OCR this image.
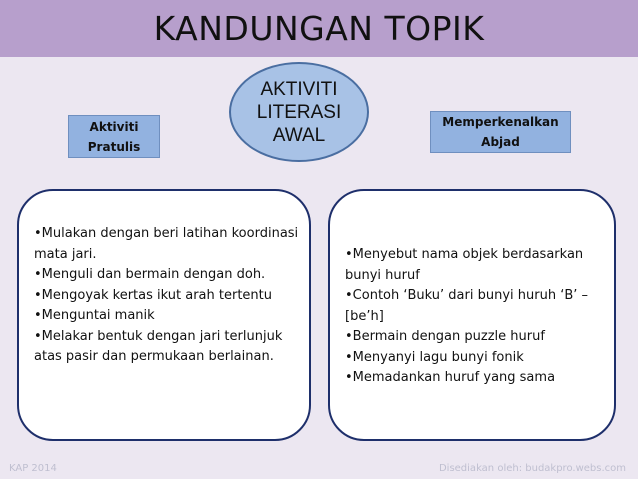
KANDUNGAN TOPIK
AKTIVITI
LITERASI
AWAL
Aktiviti
Pratulis
Memperkenalkan
Abjad
•Mulakan dengan beri latihan koordinasi mata jari.
•Menguli dan bermain dengan doh.
•Mengoyak kertas ikut arah tertentu
•Menguntai manik
•Melakar bentuk dengan jari terlunjuk atas pasir dan permukaan berlainan.
•Menyebut nama objek berdasarkan bunyi huruf
•Contoh ‘Buku’ dari bunyi huruh ‘B’ – [be’h]
•Bermain dengan puzzle huruf
•Menyanyi lagu bunyi fonik
•Memadankan huruf yang sama
KAP 2014	Disediakan oleh: budakpro.webs.com
